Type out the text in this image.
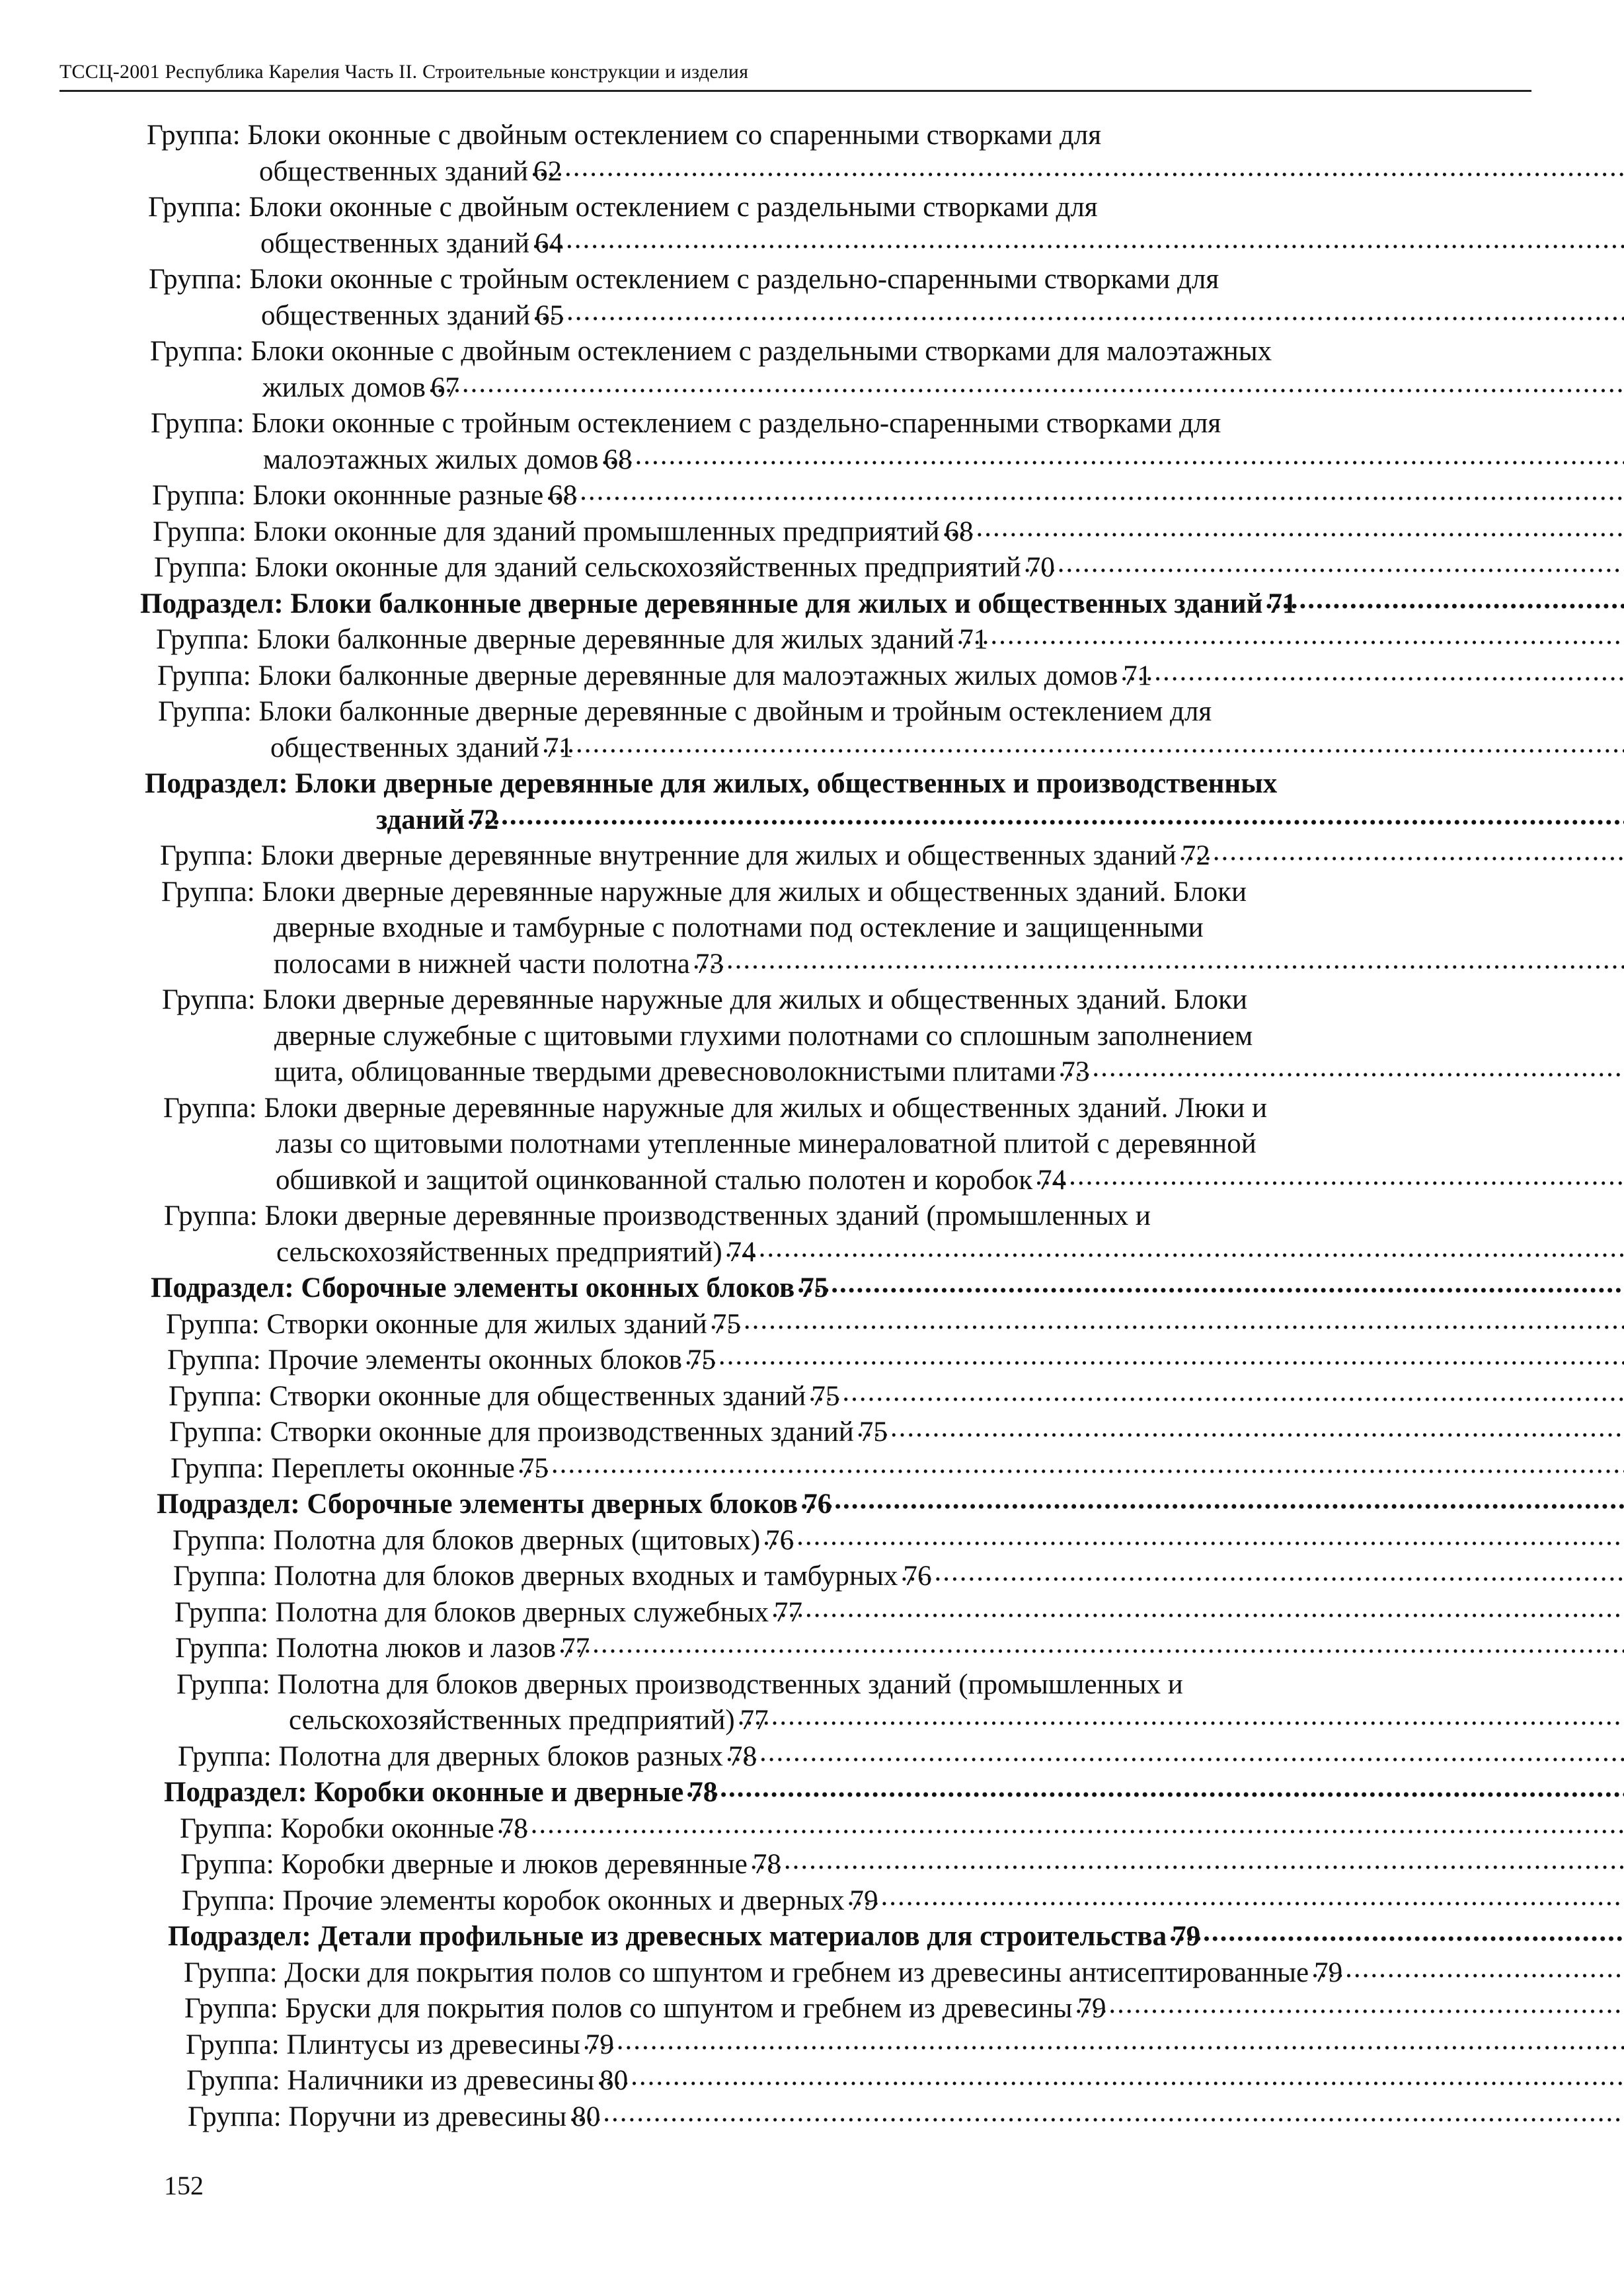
ТССЦ-2001 Республика Карелия Часть II. Строительные конструкции и изделия
Группа: Блоки оконные с двойным остеклением со спаренными створками для
общественных зданий 62
Группа: Блоки оконные с двойным остеклением с раздельными створками для
общественных зданий 64
Группа: Блоки оконные с тройным остеклением с раздельно-спаренными створками для
общественных зданий 65
Группа: Блоки оконные с двойным остеклением с раздельными створками для малоэтажных
жилых домов 67
Группа: Блоки оконные с тройным остеклением с раздельно-спаренными створками для
малоэтажных жилых домов 68
Группа: Блоки оконнные разные 68
Группа: Блоки оконные для зданий промышленных предприятий 68
Группа: Блоки оконные для зданий сельскохозяйственных предприятий 70
Подраздел: Блоки балконные дверные деревянные для жилых и общественных зданий 71
Группа: Блоки балконные дверные деревянные для жилых зданий 71
Группа: Блоки балконные дверные деревянные для малоэтажных жилых домов 71
Группа: Блоки балконные дверные деревянные с двойным и тройным остеклением для
общественных зданий 71
Подраздел: Блоки дверные деревянные для жилых, общественных и производственных
зданий 72
Группа: Блоки дверные деревянные внутренние для жилых и общественных зданий 72
Группа: Блоки дверные деревянные наружные для жилых и общественных зданий. Блоки
дверные входные и тамбурные с полотнами под остекление и защищенными
полосами в нижней части полотна 73
Группа: Блоки дверные деревянные наружные для жилых и общественных зданий. Блоки
дверные служебные с щитовыми глухими полотнами со сплошным заполнением
щита, облицованные твердыми древесноволокнистыми плитами 73
Группа: Блоки дверные деревянные наружные для жилых и общественных зданий. Люки и
лазы со щитовыми полотнами утепленные минераловатной плитой с деревянной
обшивкой и защитой оцинкованной сталью полотен и коробок 74
Группа: Блоки дверные деревянные производственных зданий (промышленных и
сельскохозяйственных предприятий) 74
Подраздел: Сборочные элементы оконных блоков 75
Группа: Створки оконные для жилых зданий 75
Группа: Прочие элементы оконных блоков 75
Группа: Створки оконные для общественных зданий 75
Группа: Створки оконные для производственных зданий 75
Группа: Переплеты оконные 75
Подраздел: Сборочные элементы дверных блоков 76
Группа: Полотна для блоков дверных (щитовых) 76
Группа: Полотна для блоков дверных входных и тамбурных 76
Группа: Полотна для блоков дверных служебных 77
Группа: Полотна люков и лазов 77
Группа: Полотна для блоков дверных производственных зданий (промышленных и
сельскохозяйственных предприятий) 77
Группа: Полотна для дверных блоков разных 78
Подраздел: Коробки оконные и дверные 78
Группа: Коробки оконные 78
Группа: Коробки дверные и люков деревянные 78
Группа: Прочие элементы коробок оконных и дверных 79
Подраздел: Детали профильные из древесных материалов для строительства 79
Группа: Доски для покрытия полов со шпунтом и гребнем из древесины антисептированные 79
Группа: Бруски для покрытия полов со шпунтом и гребнем из древесины 79
Группа: Плинтусы из древесины 79
Группа: Наличники из древесины 80
Группа: Поручни из древесины 80
152
